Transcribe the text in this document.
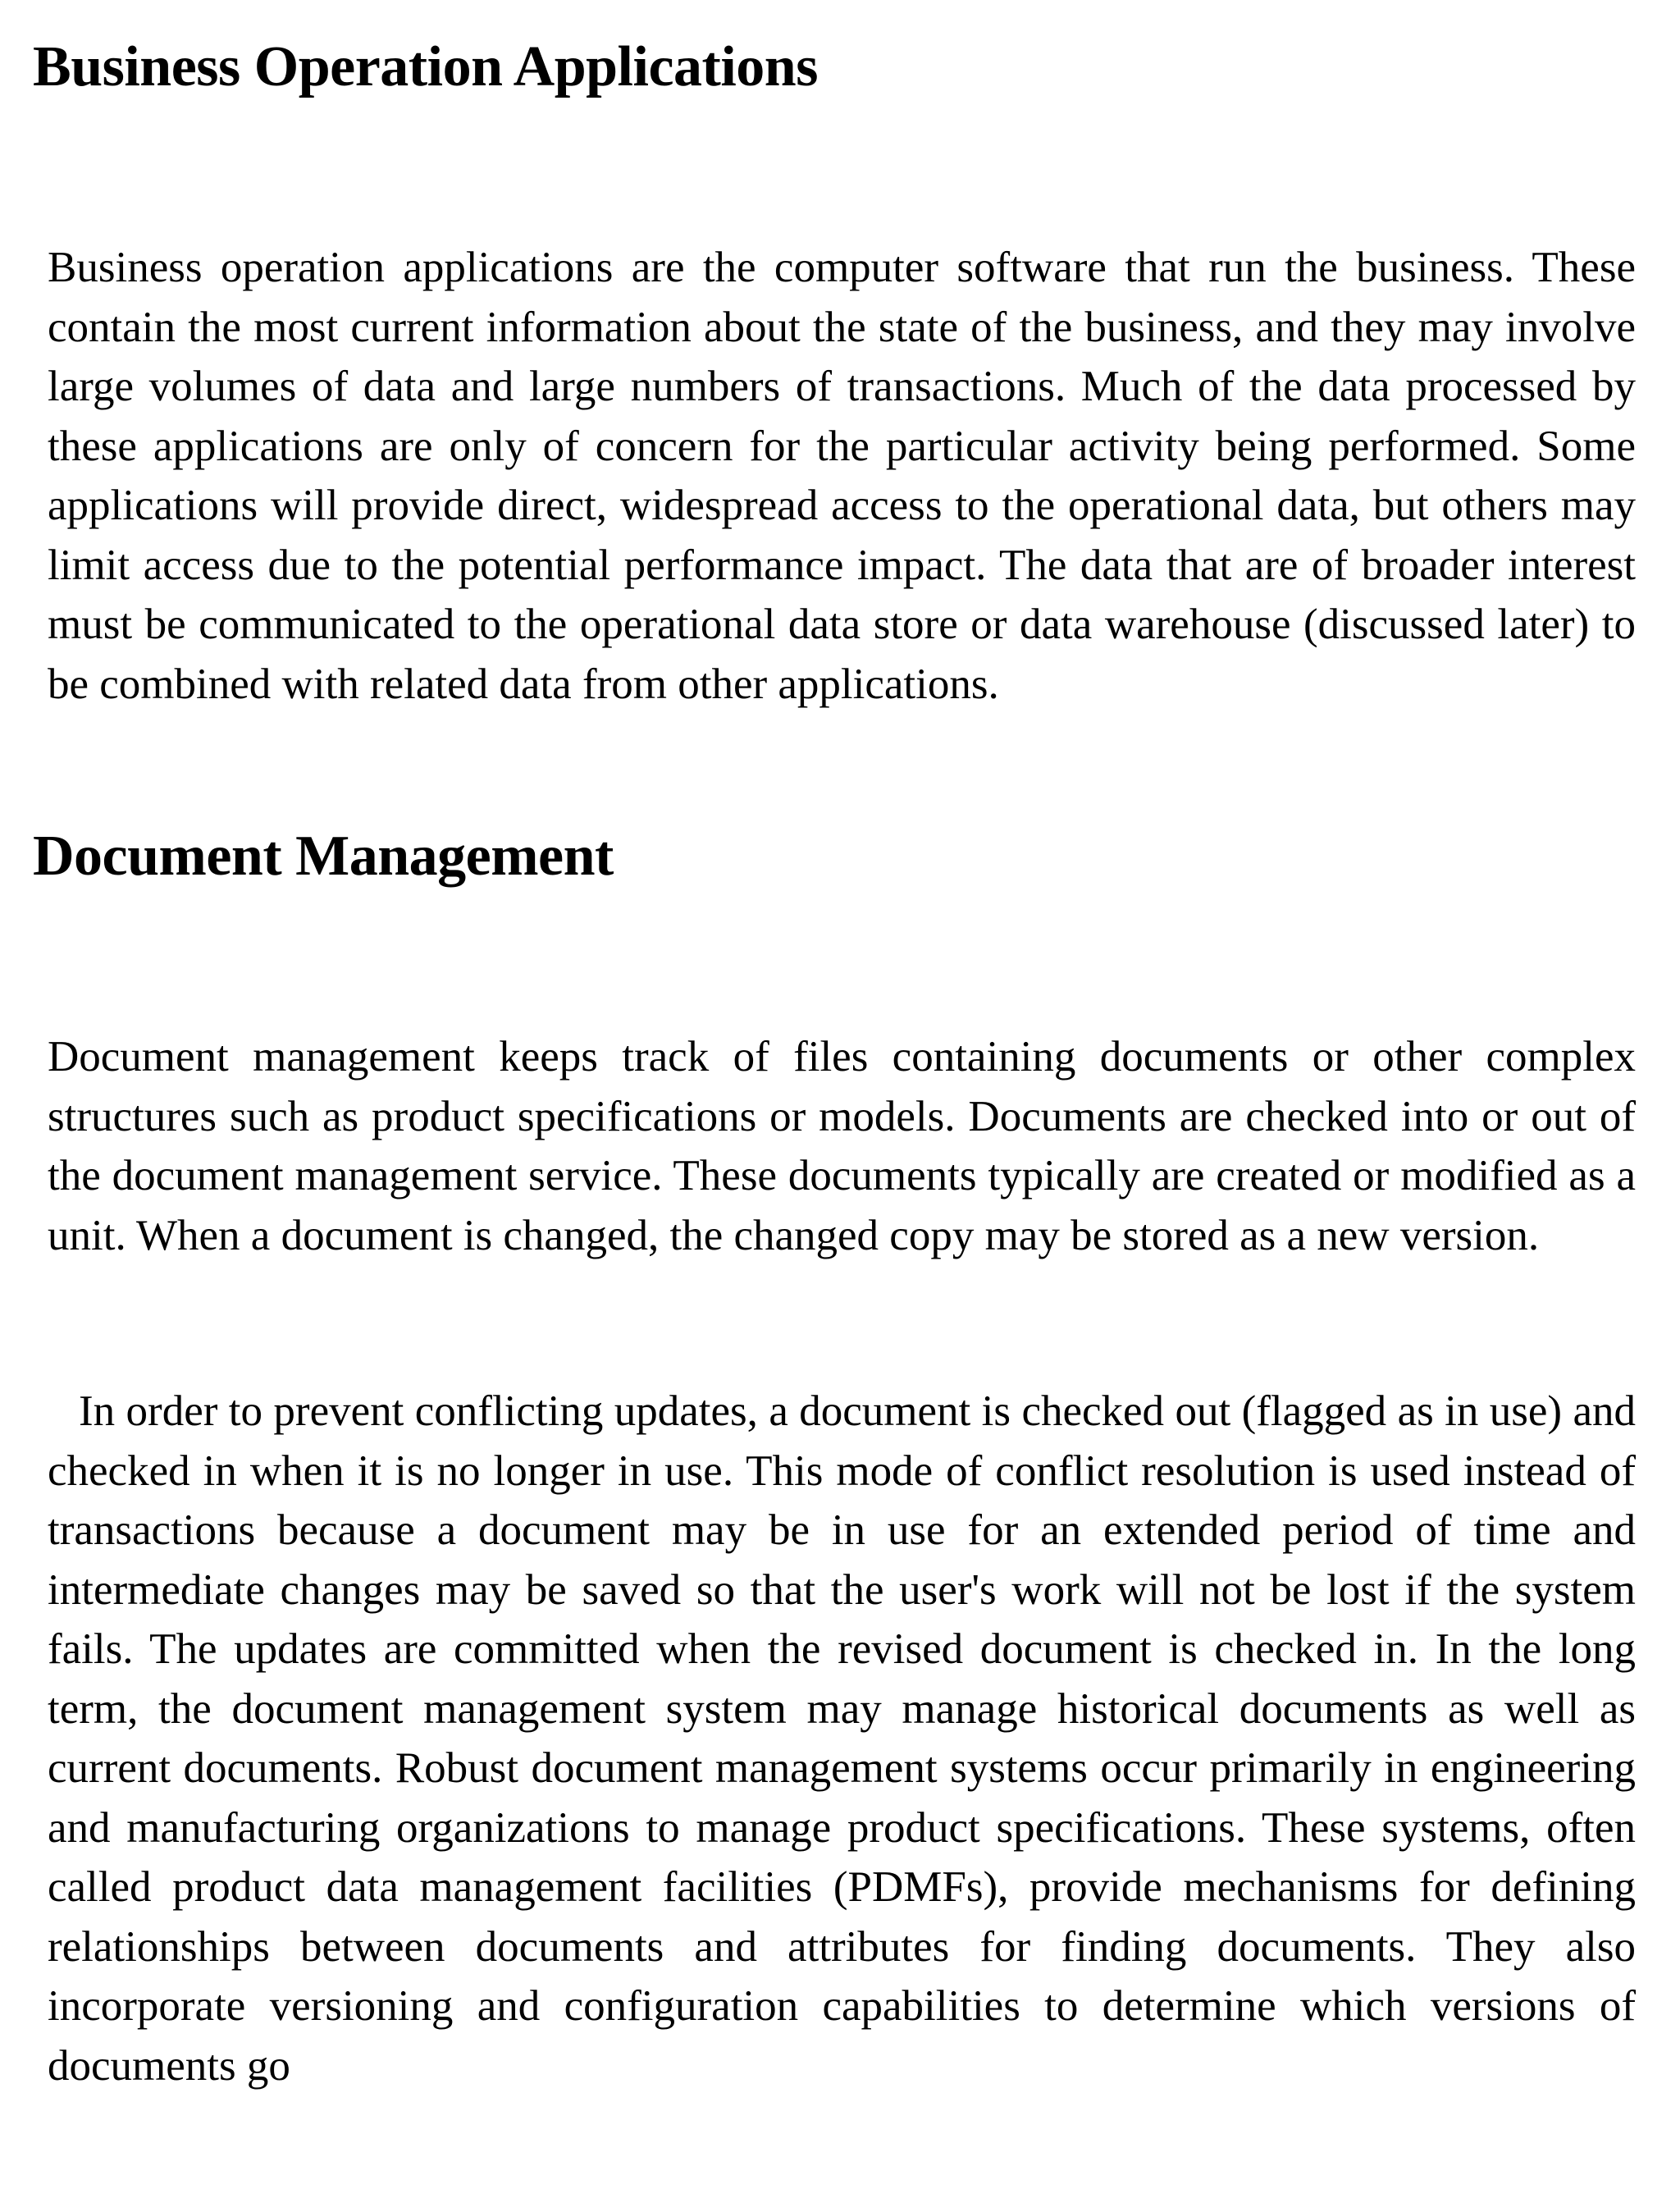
Business Operation Applications

Business operation applications are the computer software that run the business. These contain the most current information about the state of the business, and they may involve large volumes of data and large numbers of transactions. Much of the data processed by these applications are only of concern for the particular activity being performed. Some applications will provide direct, widespread access to the operational data, but others may limit access due to the potential performance impact. The data that are of broader interest must be communicated to the operational data store or data warehouse (discussed later) to be combined with related data from other applications.

Document Management

Document management keeps track of files containing documents or other complex structures such as product specifications or models. Documents are checked into or out of the document management service. These documents typically are created or modified as a unit. When a document is changed, the changed copy may be stored as a new version.

In order to prevent conflicting updates, a document is checked out (flagged as in use) and checked in when it is no longer in use. This mode of conflict resolution is used instead of transactions because a document may be in use for an extended period of time and intermediate changes may be saved so that the user's work will not be lost if the system fails. The updates are committed when the revised document is checked in. In the long term, the document management system may manage historical documents as well as current documents. Robust document management systems occur primarily in engineering and manufacturing organizations to manage product specifications. These systems, often called product data management facilities (PDMFs), provide mechanisms for defining relationships between documents and attributes for finding documents. They also incorporate versioning and configuration capabilities to determine which versions of documents go
